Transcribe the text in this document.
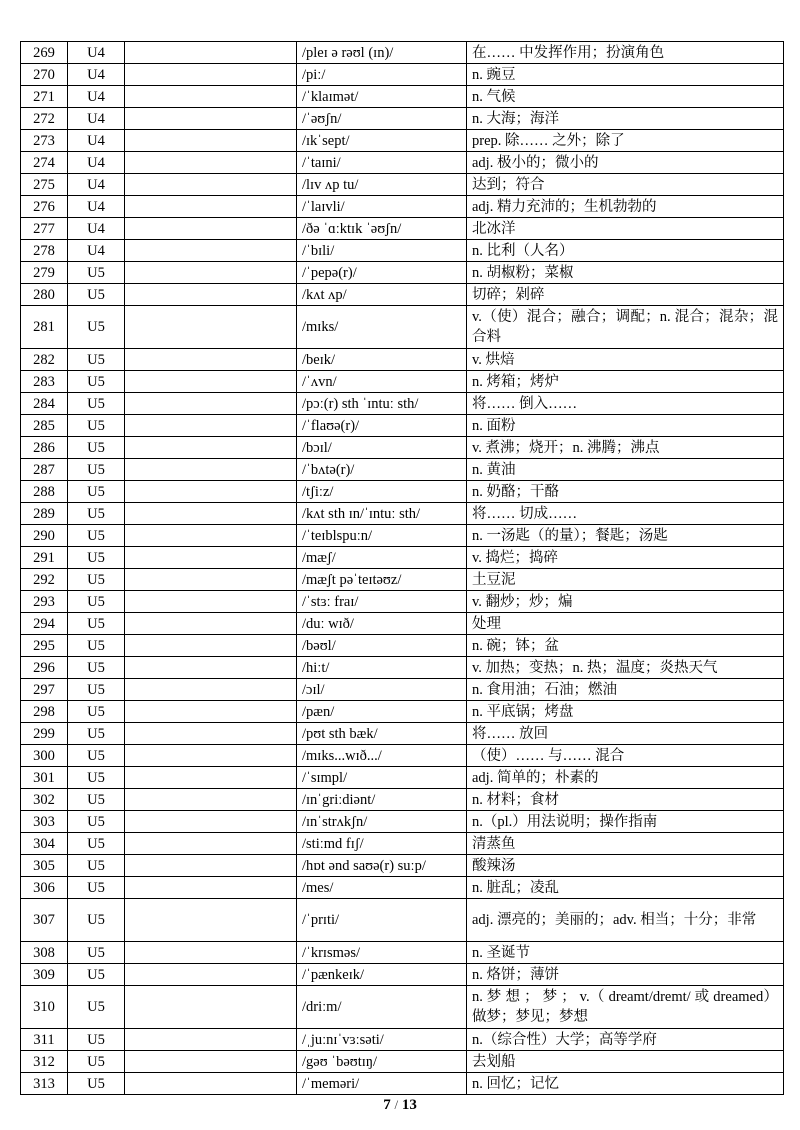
269	U4		/pleɪ ə rəʊl (ɪn)/	在…… 中发挥作用；扮演角色
270	U4		/piː/	n. 豌豆
271	U4		/ˈklaɪmət/	n. 气候
272	U4		/ˈəʊʃn/	n. 大海；海洋
273	U4		/ɪkˈsept/	prep. 除…… 之外；除了
274	U4		/ˈtaɪni/	adj. 极小的；微小的
275	U4		/lɪv ʌp tu/	达到；符合
276	U4		/ˈlaɪvli/	adj. 精力充沛的；生机勃勃的
277	U4		/ðə ˈɑːktɪk ˈəʊʃn/	北冰洋
278	U4		/ˈbɪli/	n. 比利（人名）
279	U5		/ˈpepə(r)/	n. 胡椒粉；菜椒
280	U5		/kʌt ʌp/	切碎；剁碎
281	U5		/mɪks/	v.（使）混合；融合；调配；n. 混合；混杂；混合料
282	U5		/beɪk/	v. 烘焙
283	U5		/ˈʌvn/	n. 烤箱；烤炉
284	U5		/pɔː(r) sth ˈɪntuː sth/	将…… 倒入……
285	U5		/ˈflaʊə(r)/	n. 面粉
286	U5		/bɔɪl/	v. 煮沸；烧开；n. 沸腾；沸点
287	U5		/ˈbʌtə(r)/	n. 黄油
288	U5		/tʃiːz/	n. 奶酪；干酪
289	U5		/kʌt sth ɪn/ˈɪntuː sth/	将…… 切成……
290	U5		/ˈteɪblspuːn/	n. 一汤匙（的量）；餐匙；汤匙
291	U5		/mæʃ/	v. 捣烂；捣碎
292	U5		/mæʃt pəˈteɪtəʊz/	土豆泥
293	U5		/ˈstɜː fraɪ/	v. 翻炒；炒；煸
294	U5		/duː wɪð/	处理
295	U5		/bəʊl/	n. 碗；钵；盆
296	U5		/hiːt/	v. 加热；变热；n. 热；温度；炎热天气
297	U5		/ɔɪl/	n. 食用油；石油；燃油
298	U5		/pæn/	n. 平底锅；烤盘
299	U5		/pʊt sth bæk/	将…… 放回
300	U5		/mɪks...wɪð.../	（使）…… 与…… 混合
301	U5		/ˈsɪmpl/	adj. 简单的；朴素的
302	U5		/ɪnˈgriːdiənt/	n. 材料；食材
303	U5		/ɪnˈstrʌkʃn/	n.（pl.）用法说明；操作指南
304	U5		/stiːmd fɪʃ/	清蒸鱼
305	U5		/hɒt ənd saʊə(r) suːp/	酸辣汤
306	U5		/mes/	n. 脏乱；凌乱
307	U5		/ˈprɪti/	adj. 漂亮的；美丽的；adv. 相当；十分；非常
308	U5		/ˈkrɪsməs/	n. 圣诞节
309	U5		/ˈpænkeɪk/	n. 烙饼；薄饼
310	U5		/driːm/	n. 梦 想 ； 梦 ； v.（ dreamt/dremt/ 或 dreamed）做梦；梦见；梦想
311	U5		/ˌjuːnɪˈvɜːsəti/	n.（综合性）大学；高等学府
312	U5		/gəʊ ˈbəʊtɪŋ/	去划船
313	U5		/ˈmeməri/	n. 回忆；记忆
7 / 13
